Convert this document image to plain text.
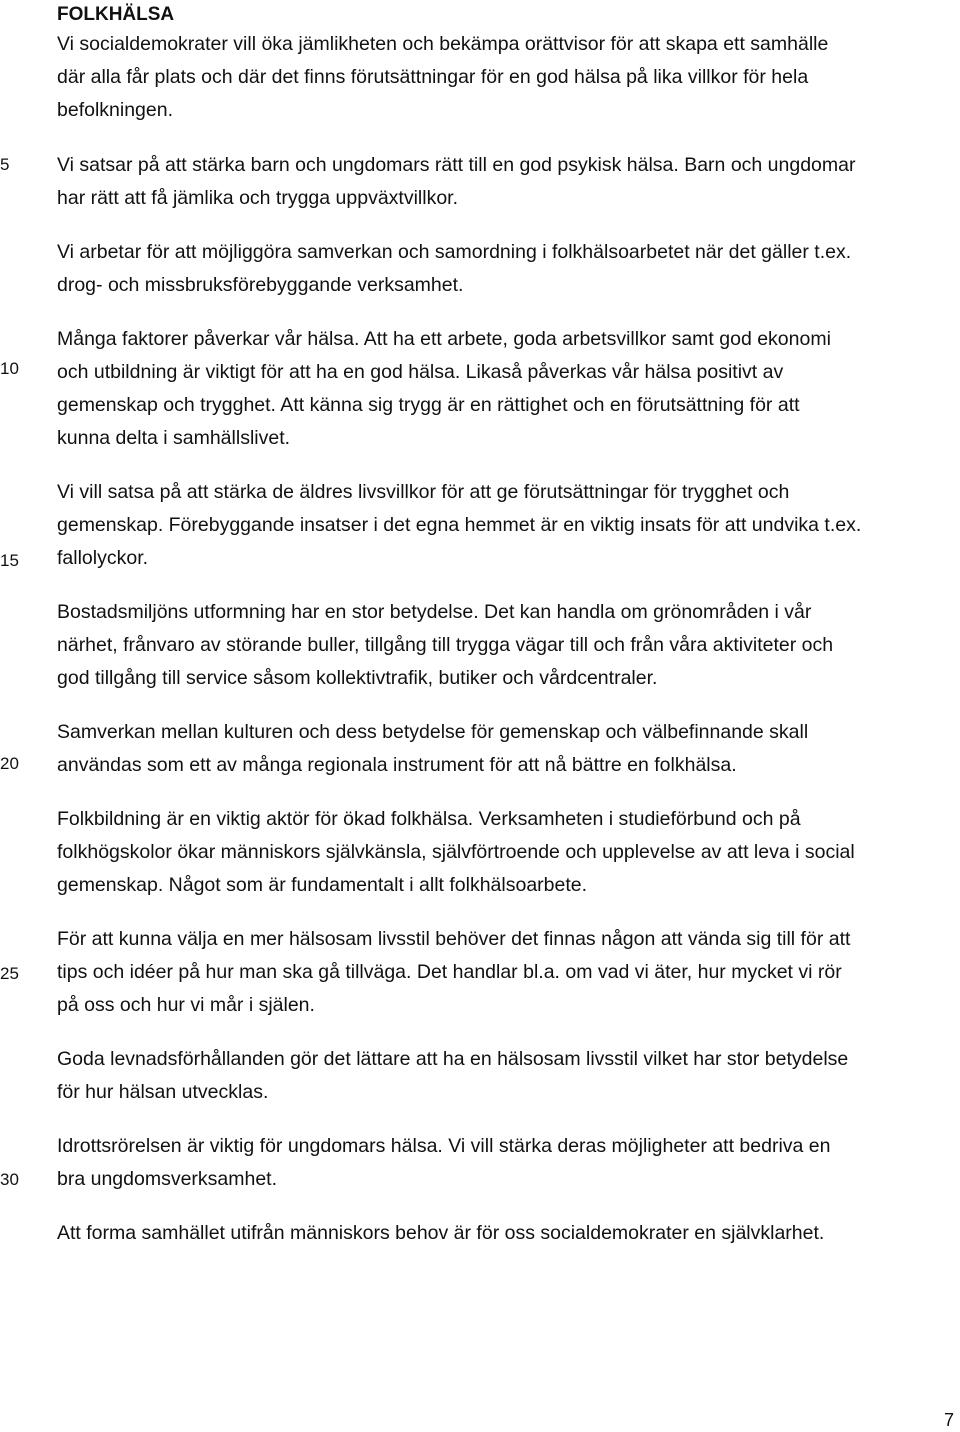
FOLKHÄLSA

Vi socialdemokrater vill öka jämlikheten och bekämpa orättvisor för att skapa ett samhälle

där alla får plats och där det finns förutsättningar för en god hälsa på lika villkor för hela

befolkningen.

Vi satsar på att stärka barn och ungdomars rätt till en god psykisk hälsa. Barn och ungdomar

har rätt att få jämlika och trygga uppväxtvillkor.

Vi arbetar för att möjliggöra samverkan och samordning i folkhälsoarbetet när det gäller t.ex.

drog- och missbruksförebyggande verksamhet.

Många faktorer påverkar vår hälsa. Att ha ett arbete, goda arbetsvillkor samt god ekonomi

och utbildning är viktigt för att ha en god hälsa. Likaså påverkas vår hälsa positivt av

gemenskap och trygghet. Att känna sig trygg är en rättighet och en förutsättning för att

kunna delta i samhällslivet.

Vi vill satsa på att stärka de äldres livsvillkor för att ge förutsättningar för trygghet och

gemenskap. Förebyggande insatser i det egna hemmet är en viktig insats för att undvika t.ex.

fallolyckor.

Bostadsmiljöns utformning har en stor betydelse. Det kan handla om grönområden i vår

närhet, frånvaro av störande buller, tillgång till trygga vägar till och från våra aktiviteter och

god tillgång till service såsom kollektivtrafik, butiker och vårdcentraler.

Samverkan mellan kulturen och dess betydelse för gemenskap och välbefinnande skall

användas som ett av många regionala instrument för att nå bättre en folkhälsa.

Folkbildning är en viktig aktör för ökad folkhälsa. Verksamheten i studieförbund och på

folkhögskolor ökar människors självkänsla, självförtroende och upplevelse av att leva i social

gemenskap. Något som är fundamentalt i allt folkhälsoarbete.

För att kunna välja en mer hälsosam livsstil behöver det finnas någon att vända sig till för att

tips och idéer på hur man ska gå tillväga. Det handlar bl.a. om vad vi äter, hur mycket vi rör

på oss och hur vi mår i själen.

Goda levnadsförhållanden gör det lättare att ha en hälsosam livsstil vilket har stor betydelse

för hur hälsan utvecklas.

Idrottsrörelsen är viktig för ungdomars hälsa. Vi vill stärka deras möjligheter att bedriva en

bra ungdomsverksamhet.

Att forma samhället utifrån människors behov är för oss socialdemokrater en självklarhet.

5
10
15
20
25
30
7
